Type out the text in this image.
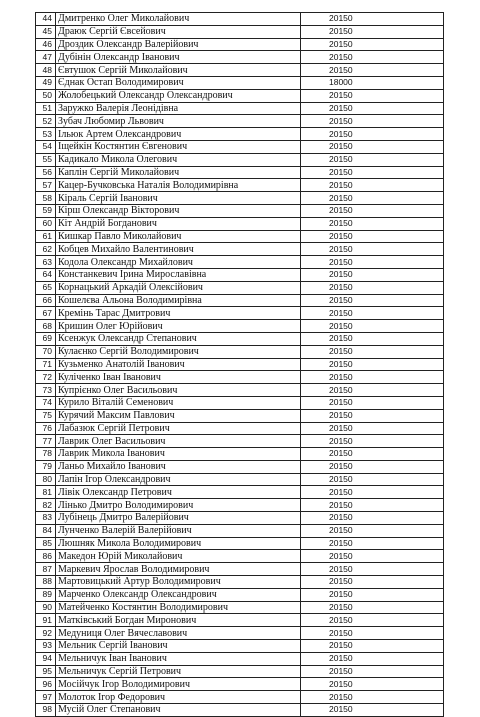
44	Дмитренко Олег Миколайович	20150
45	Драюк Сергій Євсейович	20150
46	Дроздик Олександр Валерійович	20150
47	Дубінін Олександр Іванович	20150
48	Євтушок Сергій Миколайович	20150
49	Єднак Остап Володимирович	18000
50	Жолобецький Олександр Олександрович	20150
51	Заружко Валерія Леонідівна	20150
52	Зубач Любомир Львович	20150
53	Ільюк Артем Олександрович	20150
54	Іщейкін Костянтин Євгенович	20150
55	Кадикало Микола Олегович	20150
56	Каплін Сергій Миколайович	20150
57	Кацер-Бучковська Наталія Володимирівна	20150
58	Кіраль Сергій Іванович	20150
59	Кірш Олександр Вікторович	20150
60	Кіт Андрій Богданович	20150
61	Кишкар Павло Миколайович	20150
62	Кобцев Михайло Валентинович	20150
63	Кодола Олександр Михайлович	20150
64	Констанкевич Ірина Мирославівна	20150
65	Корнацький Аркадій Олексійович	20150
66	Кошелєва Альона Володимирівна	20150
67	Кремінь Тарас Дмитрович	20150
68	Кришин Олег Юрійович	20150
69	Ксенжук Олександр Степанович	20150
70	Кулаєнко Сергій Володимирович	20150
71	Кузьменко Анатолій Іванович	20150
72	Куліченко Іван Іванович	20150
73	Купрієнко Олег Васильович	20150
74	Курило Віталій Семенович	20150
75	Курячий Максим Павлович	20150
76	Лабазюк Сергій Петрович	20150
77	Лаврик Олег Васильович	20150
78	Лаврик Микола Іванович	20150
79	Ланьо Михайло Іванович	20150
80	Лапін Ігор Олександрович	20150
81	Лівік Олександр Петрович	20150
82	Лінько Дмитро Володимирович	20150
83	Лубінець Дмитро Валерійович	20150
84	Лунченко Валерій Валерійович	20150
85	Люшняк Микола Володимирович	20150
86	Македон Юрій Миколайович	20150
87	Маркевич Ярослав Володимирович	20150
88	Мартовицький Артур Володимирович	20150
89	Марченко Олександр Олександрович	20150
90	Матейченко Костянтин Володимирович	20150
91	Матківський Богдан Миронович	20150
92	Медуниця Олег Вячеславович	20150
93	Мельник Сергій Іванович	20150
94	Мельничук Іван Іванович	20150
95	Мельничук Сергій Петрович	20150
96	Мосійчук Ігор Володимирович	20150
97	Молоток Ігор Федорович	20150
98	Мусій Олег Степанович	20150
